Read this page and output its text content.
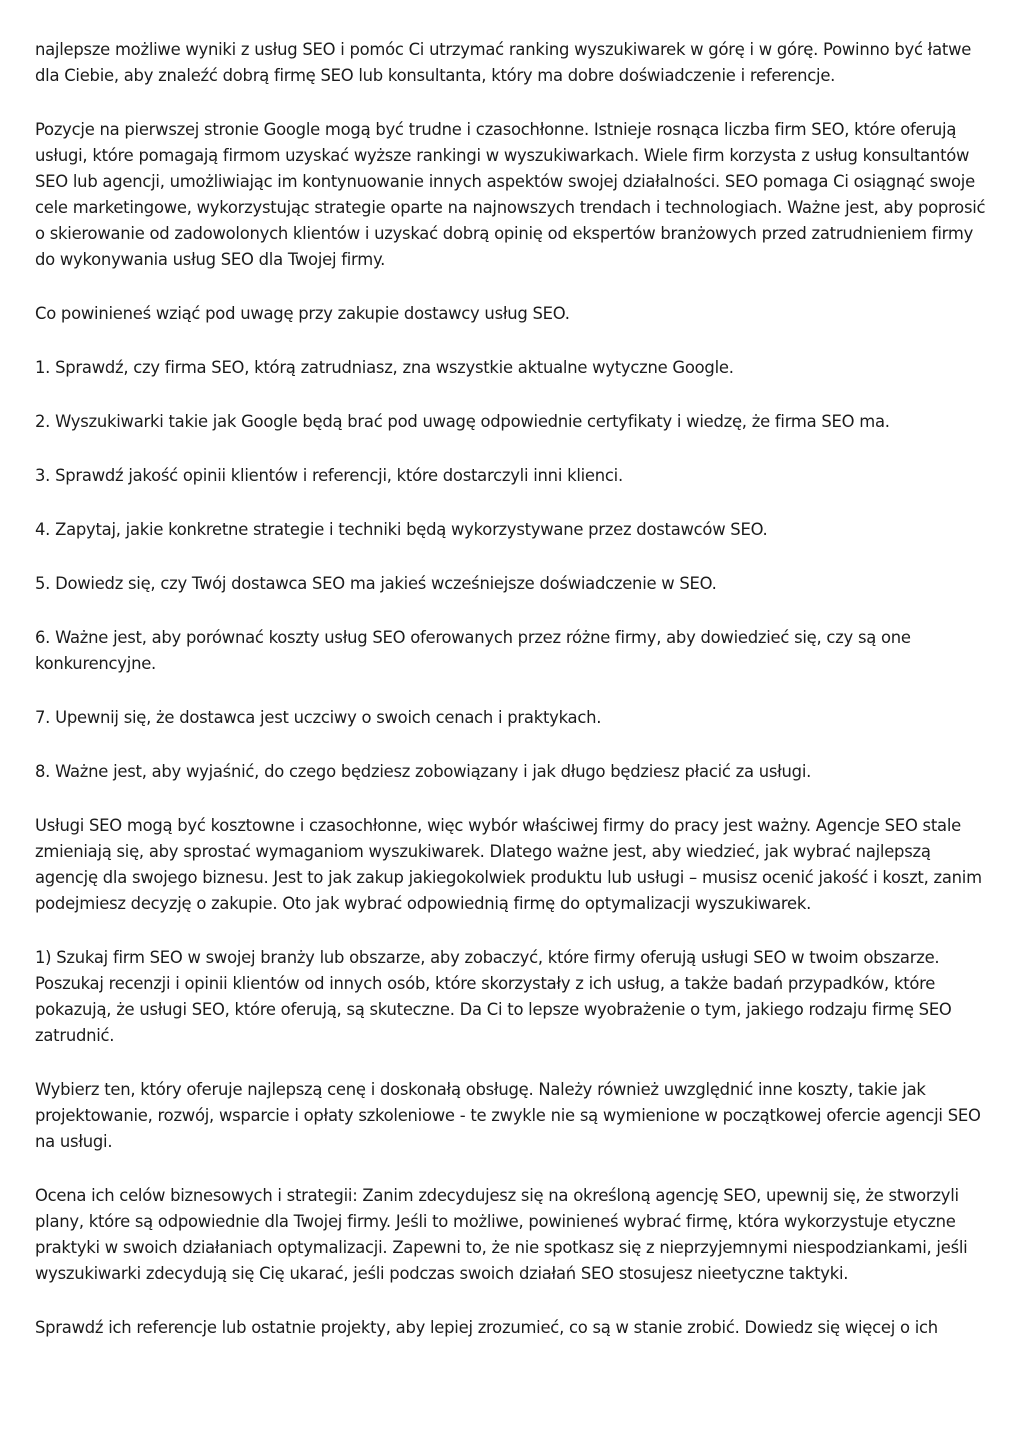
najlepsze możliwe wyniki z usług SEO i pomóc Ci utrzymać ranking wyszukiwarek w górę i w górę. Powinno być łatwe dla Ciebie, aby znaleźć dobrą firmę SEO lub konsultanta, który ma dobre doświadczenie i referencje.

Pozycje na pierwszej stronie Google mogą być trudne i czasochłonne. Istnieje rosnąca liczba firm SEO, które oferują usługi, które pomagają firmom uzyskać wyższe rankingi w wyszukiwarkach. Wiele firm korzysta z usług konsultantów SEO lub agencji, umożliwiając im kontynuowanie innych aspektów swojej działalności. SEO pomaga Ci osiągnąć swoje cele marketingowe, wykorzystując strategie oparte na najnowszych trendach i technologiach. Ważne jest, aby poprosić o skierowanie od zadowolonych klientów i uzyskać dobrą opinię od ekspertów branżowych przed zatrudnieniem firmy do wykonywania usług SEO dla Twojej firmy.

Co powinieneś wziąć pod uwagę przy zakupie dostawcy usług SEO.

1. Sprawdź, czy firma SEO, którą zatrudniasz, zna wszystkie aktualne wytyczne Google.

2. Wyszukiwarki takie jak Google będą brać pod uwagę odpowiednie certyfikaty i wiedzę, że firma SEO ma.

3. Sprawdź jakość opinii klientów i referencji, które dostarczyli inni klienci.

4. Zapytaj, jakie konkretne strategie i techniki będą wykorzystywane przez dostawców SEO.

5. Dowiedz się, czy Twój dostawca SEO ma jakieś wcześniejsze doświadczenie w SEO.

6. Ważne jest, aby porównać koszty usług SEO oferowanych przez różne firmy, aby dowiedzieć się, czy są one konkurencyjne.

7. Upewnij się, że dostawca jest uczciwy o swoich cenach i praktykach.

8. Ważne jest, aby wyjaśnić, do czego będziesz zobowiązany i jak długo będziesz płacić za usługi.

Usługi SEO mogą być kosztowne i czasochłonne, więc wybór właściwej firmy do pracy jest ważny. Agencje SEO stale zmieniają się, aby sprostać wymaganiom wyszukiwarek. Dlatego ważne jest, aby wiedzieć, jak wybrać najlepszą agencję dla swojego biznesu. Jest to jak zakup jakiegokolwiek produktu lub usługi – musisz ocenić jakość i koszt, zanim podejmiesz decyzję o zakupie. Oto jak wybrać odpowiednią firmę do optymalizacji wyszukiwarek.

1) Szukaj firm SEO w swojej branży lub obszarze, aby zobaczyć, które firmy oferują usługi SEO w twoim obszarze. Poszukaj recenzji i opinii klientów od innych osób, które skorzystały z ich usług, a także badań przypadków, które pokazują, że usługi SEO, które oferują, są skuteczne. Da Ci to lepsze wyobrażenie o tym, jakiego rodzaju firmę SEO zatrudnić.

Wybierz ten, który oferuje najlepszą cenę i doskonałą obsługę. Należy również uwzględnić inne koszty, takie jak projektowanie, rozwój, wsparcie i opłaty szkoleniowe - te zwykle nie są wymienione w początkowej ofercie agencji SEO na usługi.

Ocena ich celów biznesowych i strategii: Zanim zdecydujesz się na określoną agencję SEO, upewnij się, że stworzyli plany, które są odpowiednie dla Twojej firmy. Jeśli to możliwe, powinieneś wybrać firmę, która wykorzystuje etyczne praktyki w swoich działaniach optymalizacji. Zapewni to, że nie spotkasz się z nieprzyjemnymi niespodziankami, jeśli wyszukiwarki zdecydują się Cię ukarać, jeśli podczas swoich działań SEO stosujesz nieetyczne taktyki.

Sprawdź ich referencje lub ostatnie projekty, aby lepiej zrozumieć, co są w stanie zrobić. Dowiedz się więcej o ich
